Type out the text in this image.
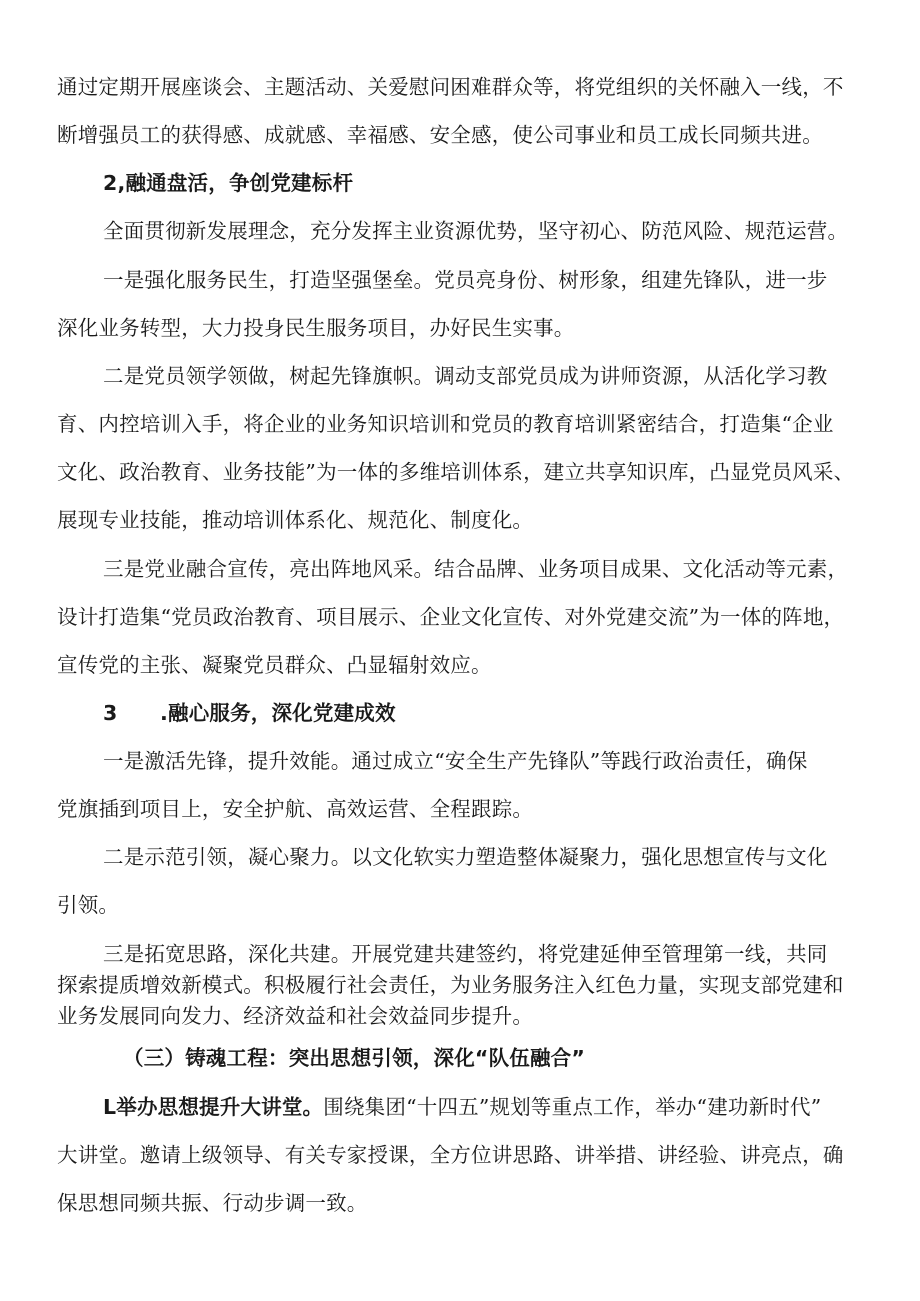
通过定期开展座谈会、主题活动、关爱慰问困难群众等，将党组织的关怀融入一线，不
断增强员工的获得感、成就感、幸福感、安全感，使公司事业和员工成长同频共进。
2,融通盘活，争创党建标杆
全面贯彻新发展理念，充分发挥主业资源优势，坚守初心、防范风险、规范运营。
一是强化服务民生，打造坚强堡垒。党员亮身份、树形象，组建先锋队，进一步
深化业务转型，大力投身民生服务项目，办好民生实事。
二是党员领学领做，树起先锋旗帜。调动支部党员成为讲师资源，从活化学习教
育、内控培训入手，将企业的业务知识培训和党员的教育培训紧密结合，打造集“企业
文化、政治教育、业务技能”为一体的多维培训体系，建立共享知识库，凸显党员风采、
展现专业技能，推动培训体系化、规范化、制度化。
三是党业融合宣传，亮出阵地风采。结合品牌、业务项目成果、文化活动等元素，
设计打造集“党员政治教育、项目展示、企业文化宣传、对外党建交流”为一体的阵地，
宣传党的主张、凝聚党员群众、凸显辐射效应。
3 .融心服务，深化党建成效
一是激活先锋，提升效能。通过成立“安全生产先锋队”等践行政治责任，确保
党旗插到项目上，安全护航、高效运营、全程跟踪。
二是示范引领，凝心聚力。以文化软实力塑造整体凝聚力，强化思想宣传与文化
引领。
三是拓宽思路，深化共建。开展党建共建签约，将党建延伸至管理第一线，共同
探索提质增效新模式。积极履行社会责任，为业务服务注入红色力量，实现支部党建和
业务发展同向发力、经济效益和社会效益同步提升。
（三）铸魂工程：突出思想引领，深化“队伍融合”
L举办思想提升大讲堂。围绕集团“十四五”规划等重点工作，举办“建功新时代”
大讲堂。邀请上级领导、有关专家授课，全方位讲思路、讲举措、讲经验、讲亮点，确
保思想同频共振、行动步调一致。
